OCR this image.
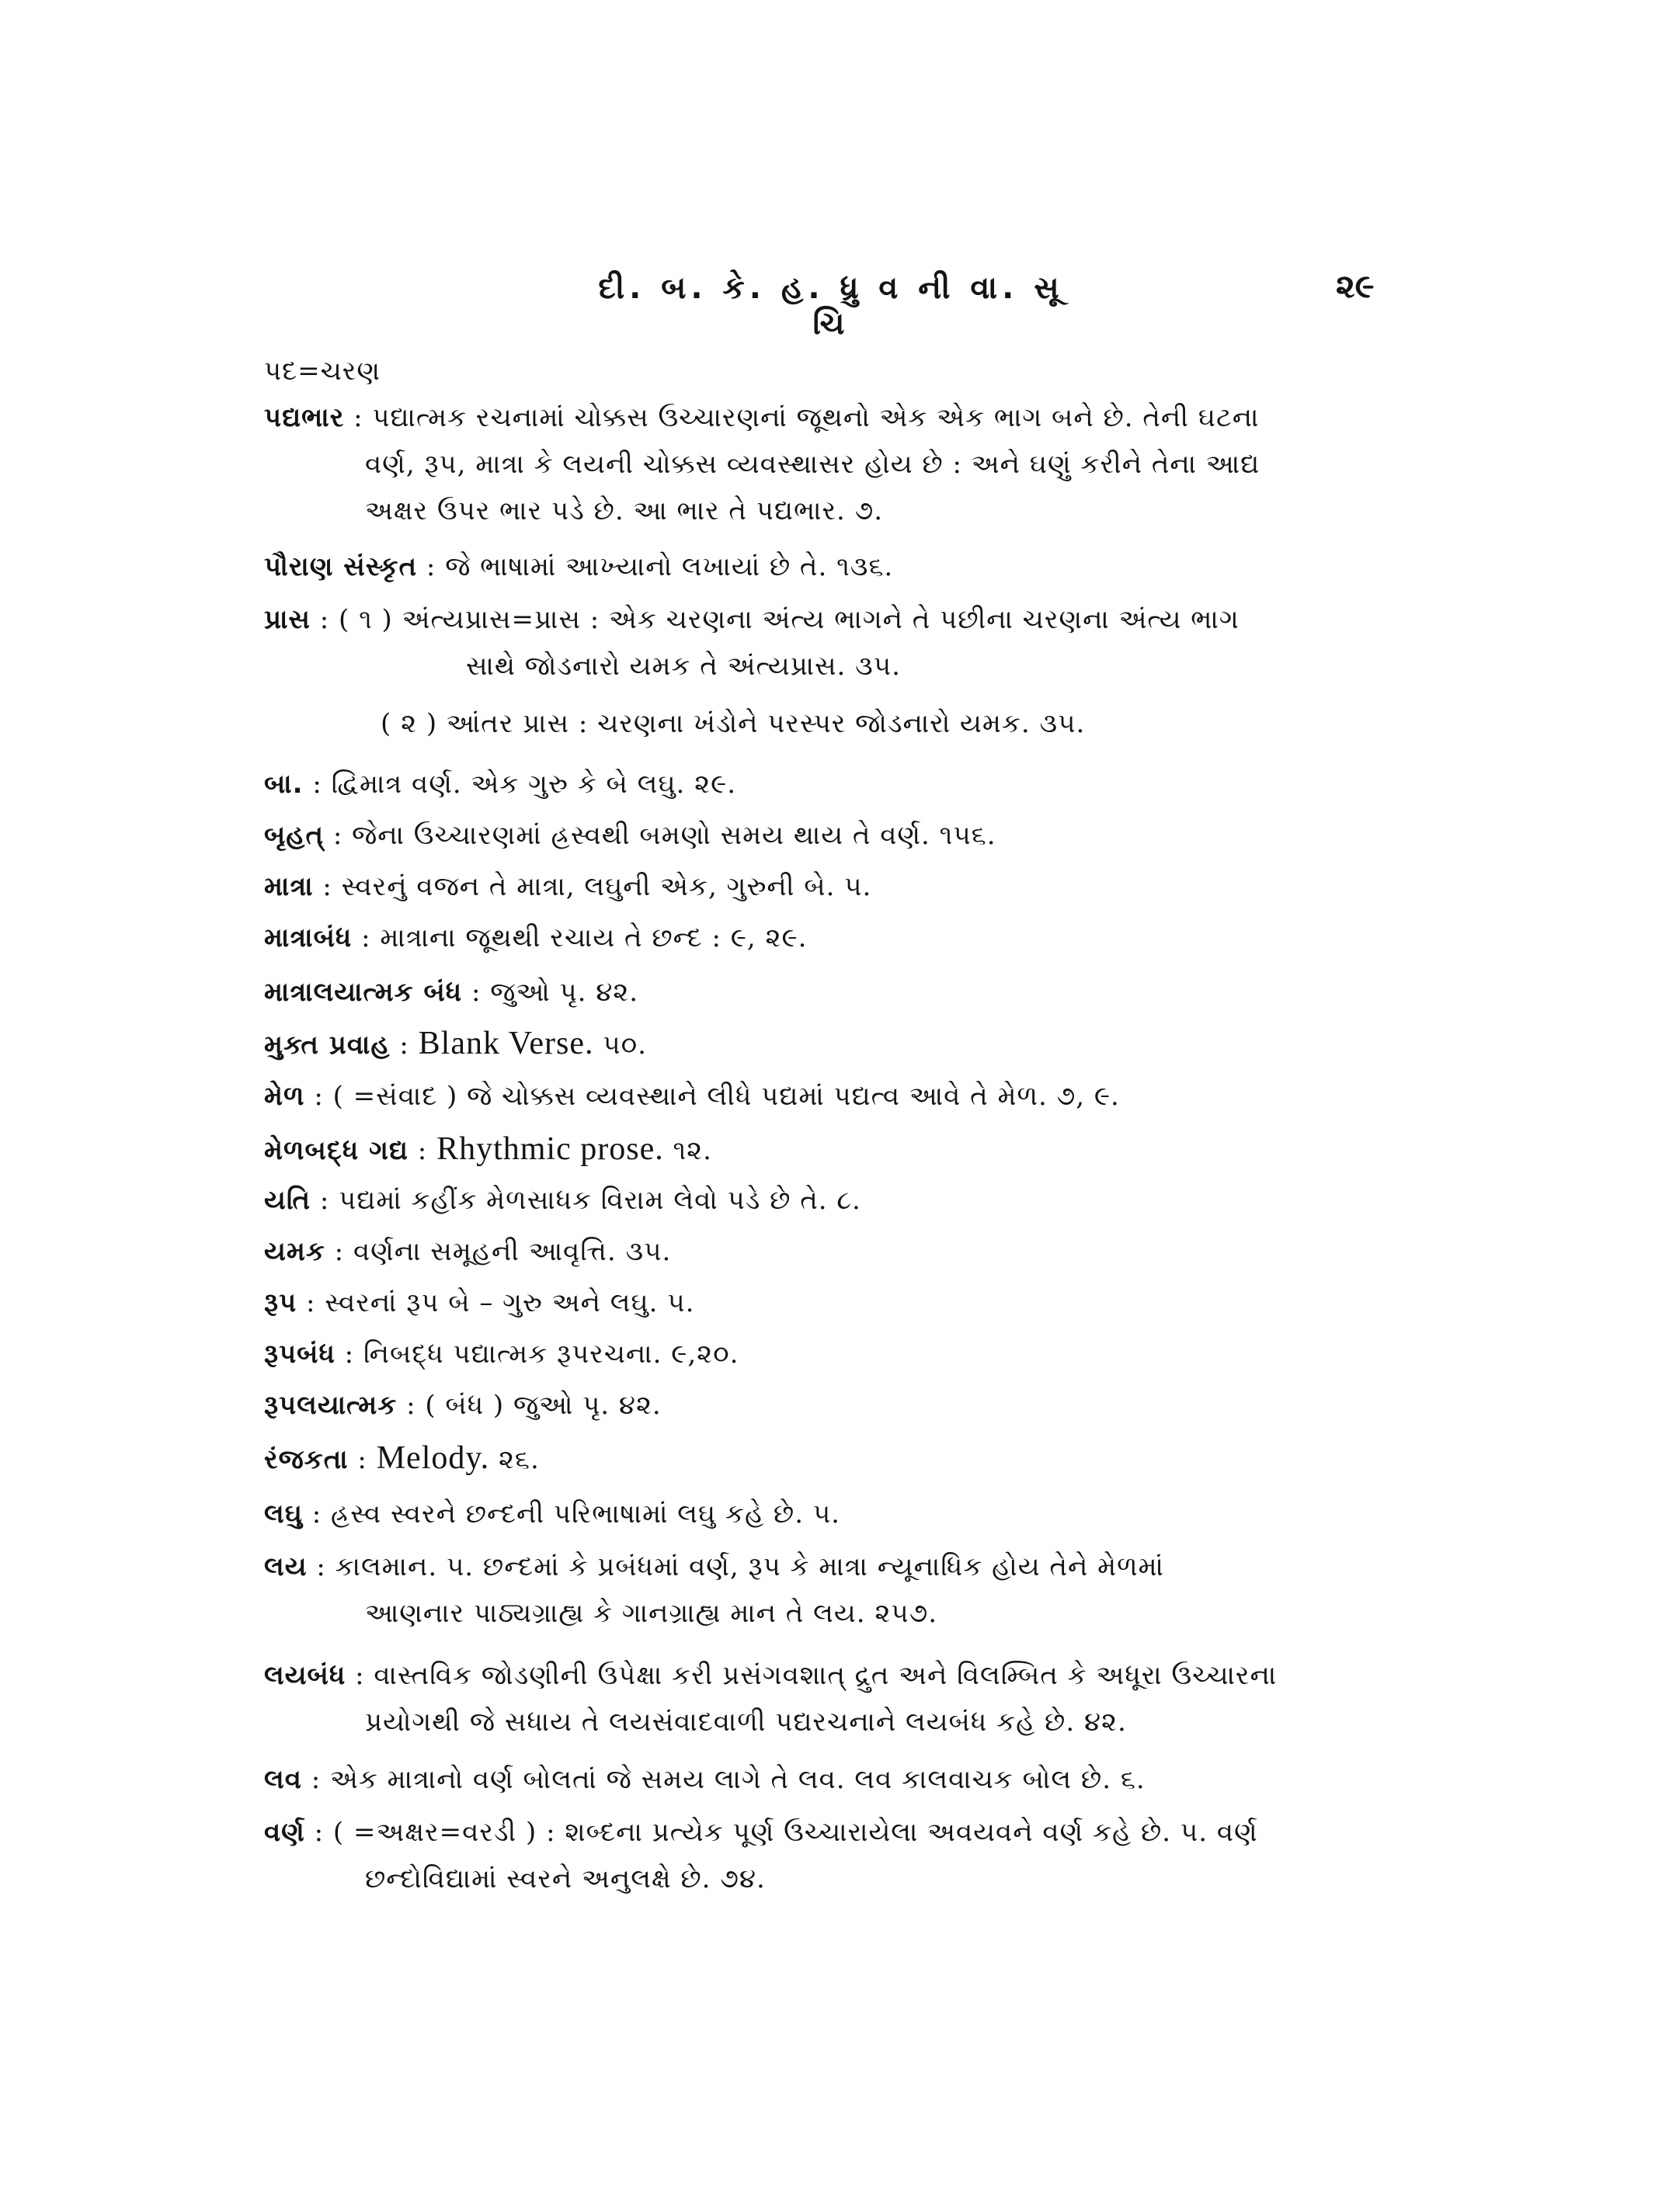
દી. બ. કે. હ. ધ્રુ વ ની વા. સૂ ચિ
૨૯
પદ=ચરણ
પદ્યભાર : પદ્યાત્મક રચનામાં ચોક્કસ ઉચ્ચારણનાં જૂથનો એક એક ભાગ બને છે. તેની ઘટના
વર્ણ, રૂપ, માત્રા કે લયની ચોક્કસ વ્યવસ્થાસર હોય છે : અને ઘણું કરીને તેના આદ્ય
અક્ષર ઉપર ભાર પડે છે. આ ભાર તે પદ્યભાર. ૭.
પૌરાણ સંસ્કૃત : જે ભાષામાં આખ્યાનો લખાયાં છે તે. ૧૩૬.
પ્રાસ : ( ૧ ) અંત્યપ્રાસ=પ્રાસ : એક ચરણના અંત્ય ભાગને તે પછીના ચરણના અંત્ય ભાગ
સાથે જોડનારો યમક તે અંત્યપ્રાસ. ૩૫.
( ૨ ) આંતર પ્રાસ : ચરણના ખંડોને પરસ્પર જોડનારો યમક. ૩૫.
બા. : દ્વિમાત્ર વર્ણ. એક ગુરુ કે બે લઘુ. ૨૯.
બૃહત્ : જેના ઉચ્ચારણમાં હ્રસ્વથી બમણો સમય થાય તે વર્ણ. ૧૫૬.
માત્રા : સ્વરનું વજન તે માત્રા, લઘુની એક, ગુરુની બે. ૫.
માત્રાબંધ : માત્રાના જૂથથી રચાય તે છન્દ : ૯, ૨૯.
માત્રાલયાત્મક બંધ : જુઓ પૃ. ૪૨.
મુક્ત પ્રવાહ : Blank Verse. ૫૦.
મેળ : ( =સંવાદ ) જે ચોક્કસ વ્યવસ્થાને લીધે પદ્યમાં પદ્યત્વ આવે તે મેળ. ૭, ૯.
મેળબદ્ધ ગદ્ય : Rhythmic prose. ૧૨.
યતિ : પદ્યમાં કહીંક મેળસાધક વિરામ લેવો પડે છે તે. ૮.
યમક : વર્ણના સમૂહની આવૃત્તિ. ૩૫.
રૂપ : સ્વરનાં રૂપ બે – ગુરુ અને લઘુ. ૫.
રૂપબંધ : નિબદ્ધ પદ્યાત્મક રૂપરચના. ૯,૨૦.
રૂપલયાત્મક : ( બંધ ) જુઓ પૃ. ૪૨.
રંજકતા : Melody. ૨૬.
લઘુ : હ્રસ્વ સ્વરને છન્દની પરિભાષામાં લઘુ કહે છે. ૫.
લય : કાલમાન. ૫. છન્દમાં કે પ્રબંધમાં વર્ણ, રૂપ કે માત્રા ન્યૂનાધિક હોય તેને મેળમાં
આણનાર પાઠ્યગ્રાહ્ય કે ગાનગ્રાહ્ય માન તે લય. ૨૫૭.
લયબંધ : વાસ્તવિક જોડણીની ઉપેક્ષા કરી પ્રસંગવશાત્ દ્રુત અને વિલમ્બિત કે અધૂરા ઉચ્ચારના
પ્રયોગથી જે સધાય તે લયસંવાદવાળી પદ્યરચનાને લયબંધ કહે છે. ૪૨.
લવ : એક માત્રાનો વર્ણ બોલતાં જે સમય લાગે તે લવ. લવ કાલવાચક બોલ છે. ૬.
વર્ણ : ( =અક્ષર=વરડી ) : શબ્દના પ્રત્યેક પૂર્ણ ઉચ્ચારાયેલા અવયવને વર્ણ કહે છે. ૫. વર્ણ
છન્દોવિદ્યામાં સ્વરને અનુલક્ષે છે. ૭૪.
